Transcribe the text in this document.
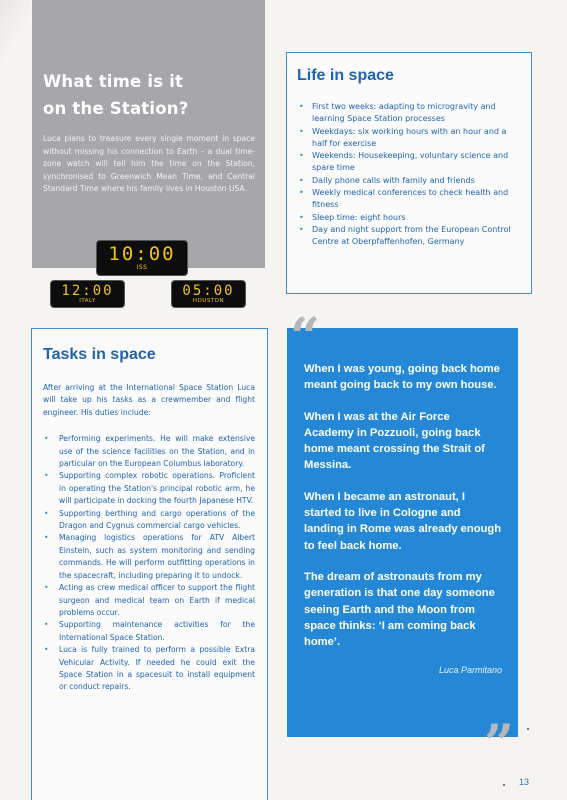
What time is it
on the Station?

Luca plans to treasure every single moment in space without missing his connection to Earth – a dual time-zone watch will tell him the time on the Station, synchronised to Greenwich Mean Time, and Central Standard Time where his family lives in Houston USA.

10:00
ISS
12:00
ITALY
05:00
HOUSTON
Life in space
• First two weeks: adapting to microgravity and learning Space Station processes
• Weekdays: six working hours with an hour and a half for exercise
• Weekends: Housekeeping, voluntary science and spare time
• Daily phone calls with family and friends
• Weekly medical conferences to check health and fitness
• Sleep time: eight hours
• Day and night support from the European Control Centre at Oberpfaffenhofen, Germany
Tasks in space

After arriving at the International Space Station Luca will take up his tasks as a crewmember and flight engineer. His duties include:

• Performing experiments. He will make extensive use of the science facilities on the Station, and in particular on the European Columbus laboratory.
• Supporting complex robotic operations. Proficient in operating the Station's principal robotic arm, he will participate in docking the fourth Japanese HTV.
• Supporting berthing and cargo operations of the Dragon and Cygnus commercial cargo vehicles.
• Managing logistics operations for ATV Albert Einstein, such as system monitoring and sending commands. He will perform outfitting operations in the spacecraft, including preparing it to undock.
• Acting as crew medical officer to support the flight surgeon and medical team on Earth if medical problems occur.
• Supporting maintenance activities for the International Space Station.
• Luca is fully trained to perform a possible Extra Vehicular Activity. If needed he could exit the Space Station in a spacesuit to install equipment or conduct repairs.

When I was young, going back home meant going back to my own house.

When I was at the Air Force Academy in Pozzuoli, going back home meant crossing the Strait of Messina.

When I became an astronaut, I started to live in Cologne and landing in Rome was already enough to feel back home.

The dream of astronauts from my generation is that one day someone seeing Earth and the Moon from space thinks: ‘I am coming back home’.

Luca Parmitano
“
”
13
